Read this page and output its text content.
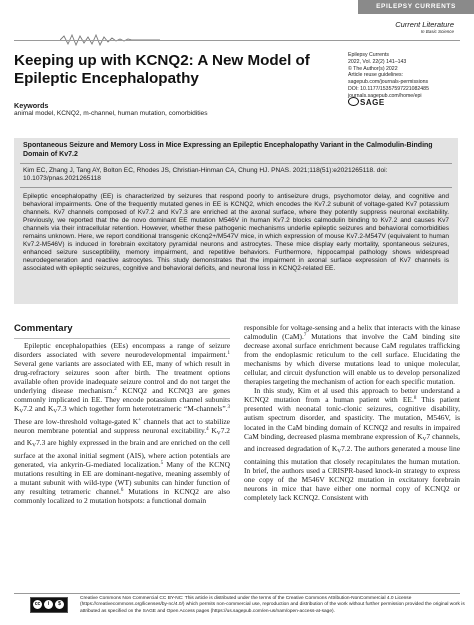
EPILEPSY CURRENTS
Current Literature
In Basic Science
Keeping up with KCNQ2: A New Model of Epileptic Encephalopathy
Epilepsy Currents
2022, Vol. 22(2) 141–143
© The Author(s) 2022
Article reuse guidelines:
sagepub.com/journals-permissions
DOI: 10.1177/15357597221082485
journals.sagepub.com/home/epi
SAGE
Keywords
animal model, KCNQ2, m-channel, human mutation, comorbidities
Spontaneous Seizure and Memory Loss in Mice Expressing an Epileptic Encephalopathy Variant in the Calmodulin-Binding Domain of Kv7.2
Kim EC, Zhang J, Tang AY, Bolton EC, Rhodes JS, Christian-Hinman CA, Chung HJ. PNAS. 2021;118(51):e2021265118. doi:
10.1073/pnas.2021265118
Epileptic encephalopathy (EE) is characterized by seizures that respond poorly to antiseizure drugs, psychomotor delay, and cognitive and behavioral impairments. One of the frequently mutated genes in EE is KCNQ2, which encodes the Kv7.2 subunit of voltage-gated Kv7 potassium channels. Kv7 channels composed of Kv7.2 and Kv7.3 are enriched at the axonal surface, where they potently suppress neuronal excitability. Previously, we reported that the de novo dominant EE mutation M546V in human Kv7.2 blocks calmodulin binding to Kv7.2 and causes Kv7 channels via their intracellular retention. However, whether these pathogenic mechanisms underlie epileptic seizures and behavioral comorbidities remains unknown. Here, we report conditional transgenic cKcnq2+/M547V mice, in which expression of mouse Kv7.2-M547V (equivalent to human Kv7.2-M546V) is induced in forebrain excitatory pyramidal neurons and astrocytes. These mice display early mortality, spontaneous seizures, enhanced seizure susceptibility, memory impairment, and repetitive behaviors. Furthermore, hippocampal pathology shows widespread neurodegeneration and reactive astrocytes. This study demonstrates that the impairment in axonal surface expression of Kv7 channels is associated with epileptic seizures, cognitive and behavioral deficits, and neuronal loss in KCNQ2-related EE.
Commentary

Epileptic encephalopathies (EEs) encompass a range of seizure disorders associated with severe neurodevelopmental impairment.$^1$ Several gene variants are associated with EE, many of which result in drug-refractory seizures soon after birth. The treatment options available often provide inadequate seizure control and do not target the underlying disease mechanism.$^2$ KCNQ2 and KCNQ3 are genes commonly implicated in EE. They encode potassium channel subunits $K_V7.2$ and $K_V7.3$ which together form heterotetrameric “M-channels”.$^3$ These are low-threshold voltage-gated K+ channels that act to stabilize neuron membrane potential and suppress neuronal excitability.$^4$ $K_V7.2$ and $K_V7.3$ are highly expressed in the brain and are enriched on the cell surface at the axonal initial segment (AIS), where action potentials are generated, via ankyrin-G-mediated localization.$^5$ Many of the KCNQ mutations resulting in EE are dominant-negative, meaning assembly of a mutant subunit with wild-type (WT) subunits can hinder function of any resulting tetrameric channel.$^6$ Mutations in KCNQ2 are also commonly localized to 2 mutation hotspots: a functional domain

responsible for voltage-sensing and a helix that interacts with the kinase calmodulin (CaM).$^7$ Mutations that involve the CaM binding site decrease axonal surface enrichment because CaM regulates trafficking from the endoplasmic reticulum to the cell surface. Elucidating the mechanisms by which diverse mutations lead to unique molecular, cellular, and circuit dysfunction will enable us to develop personalized therapies targeting the mechanism of action for each specific mutation.

In this study, Kim et al used this approach to better understand a KCNQ2 mutation from a human patient with EE.$^8$ This patient presented with neonatal tonic-clonic seizures, cognitive disability, autism spectrum disorder, and spasticity. The mutation, M546V, is located in the CaM binding domain of KCNQ2 and results in impaired CaM binding, decreased plasma membrane expression of $K_V7$ channels, and increased degradation of $K_V7.2$. The authors generated a mouse line containing this mutation that closely recapitulates the human mutation. In brief, the authors used a CRISPR-based knock-in strategy to express one copy of the M546V KCNQ2 mutation in excitatory forebrain neurons in mice that have either one normal copy of KCNQ2 or completely lack KCNQ2. Consistent with

cc	i	$
Creative Commons Non Commercial CC BY-NC: This article is distributed under the terms of the Creative Commons Attribution-NonCommercial 4.0 License (https://creativecommons.org/licenses/by-nc/4.0/) which permits non-commercial use, reproduction and distribution of the work without further permission provided the original work is attributed as specified on the SAGE and Open Access pages (https://us.sagepub.com/en-us/nam/open-access-at-sage).
